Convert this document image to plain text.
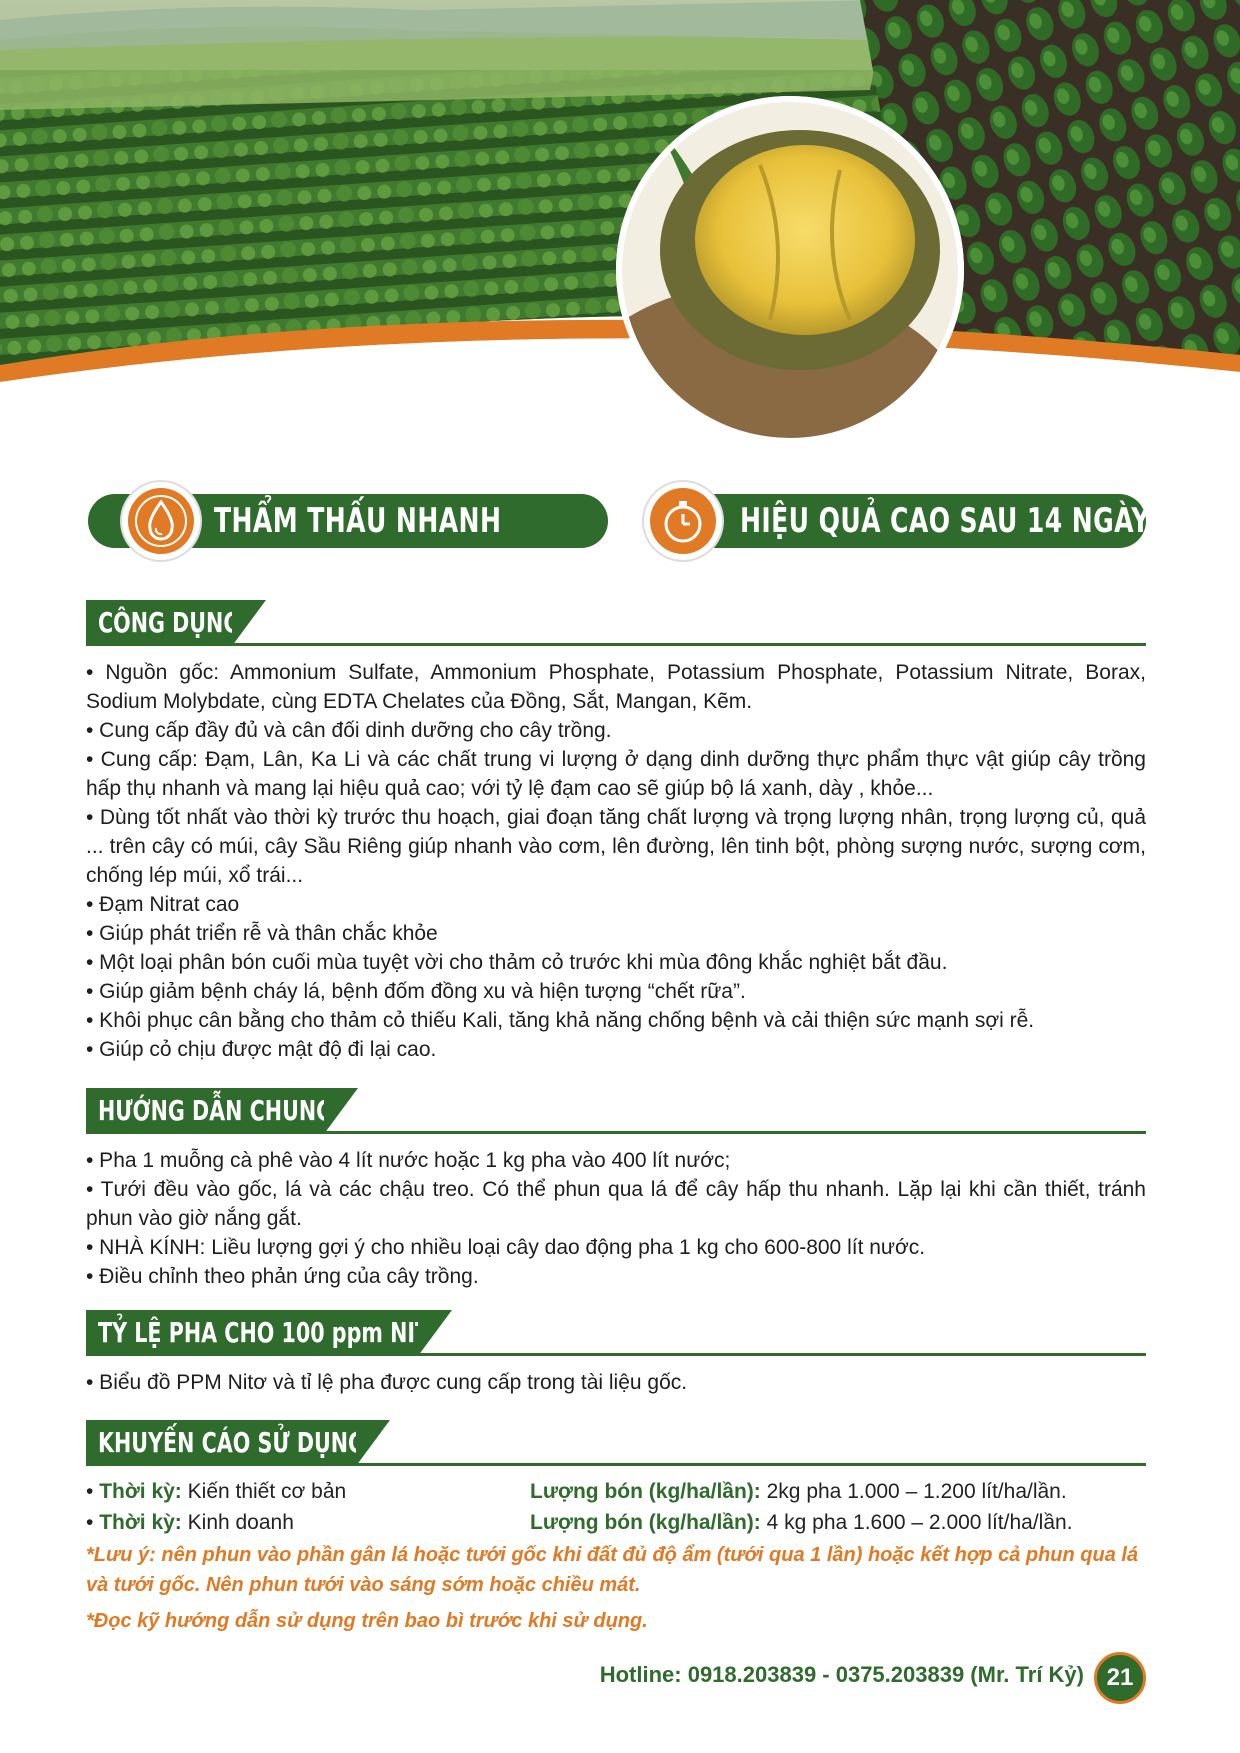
THẨM THẤU NHANH	HIỆU QUẢ CAO SAU 14 NGÀY
CÔNG DỤNG

• Nguồn gốc: Ammonium Sulfate, Ammonium Phosphate, Potassium Phosphate, Potassium Nitrate, Borax, Sodium Molybdate, cùng EDTA Chelates của Đồng, Sắt, Mangan, Kẽm.

• Cung cấp đầy đủ và cân đối dinh dưỡng cho cây trồng.

• Cung cấp: Đạm, Lân, Ka Li và các chất trung vi lượng ở dạng dinh dưỡng thực phẩm thực vật giúp cây trồng hấp thụ nhanh và mang lại hiệu quả cao; với tỷ lệ đạm cao sẽ giúp bộ lá xanh, dày , khỏe...

• Dùng tốt nhất vào thời kỳ trước thu hoạch, giai đoạn tăng chất lượng và trọng lượng nhân, trọng lượng củ, quả ... trên cây có múi, cây Sầu Riêng giúp nhanh vào cơm, lên đường, lên tinh bột, phòng sượng nước, sượng cơm, chống lép múi, xổ trái...

• Đạm Nitrat cao

• Giúp phát triển rễ và thân chắc khỏe

• Một loại phân bón cuối mùa tuyệt vời cho thảm cỏ trước khi mùa đông khắc nghiệt bắt đầu.

• Giúp giảm bệnh cháy lá, bệnh đốm đồng xu và hiện tượng “chết rữa”.

• Khôi phục cân bằng cho thảm cỏ thiếu Kali, tăng khả năng chống bệnh và cải thiện sức mạnh sợi rễ.

• Giúp cỏ chịu được mật độ đi lại cao.

HƯỚNG DẪN CHUNG

• Pha 1 muỗng cà phê vào 4 lít nước hoặc 1 kg pha vào 400 lít nước;

• Tưới đều vào gốc, lá và các chậu treo. Có thể phun qua lá để cây hấp thu nhanh. Lặp lại khi cần thiết, tránh phun vào giờ nắng gắt.

• NHÀ KÍNH: Liều lượng gợi ý cho nhiều loại cây dao động pha 1 kg cho 600-800 lít nước.

• Điều chỉnh theo phản ứng của cây trồng.

TỶ LỆ PHA CHO 100 ppm NITƠ

• Biểu đồ PPM Nitơ và tỉ lệ pha được cung cấp trong tài liệu gốc.

KHUYẾN CÁO SỬ DỤNG
• Thời kỳ: Kiến thiết cơ bản	Lượng bón (kg/ha/lần): 2kg pha 1.000 – 1.200 lít/ha/lần.
• Thời kỳ: Kinh doanh	Lượng bón (kg/ha/lần): 4 kg pha 1.600 – 2.000 lít/ha/lần.

*Lưu ý: nên phun vào phần gân lá hoặc tưới gốc khi đất đủ độ ẩm (tưới qua 1 lần) hoặc kết hợp cả phun qua lá và tưới gốc. Nên phun tưới vào sáng sớm hoặc chiều mát.

*Đọc kỹ hướng dẫn sử dụng trên bao bì trước khi sử dụng.

Hotline: 0918.203839 - 0375.203839 (Mr. Trí Kỷ) 21
